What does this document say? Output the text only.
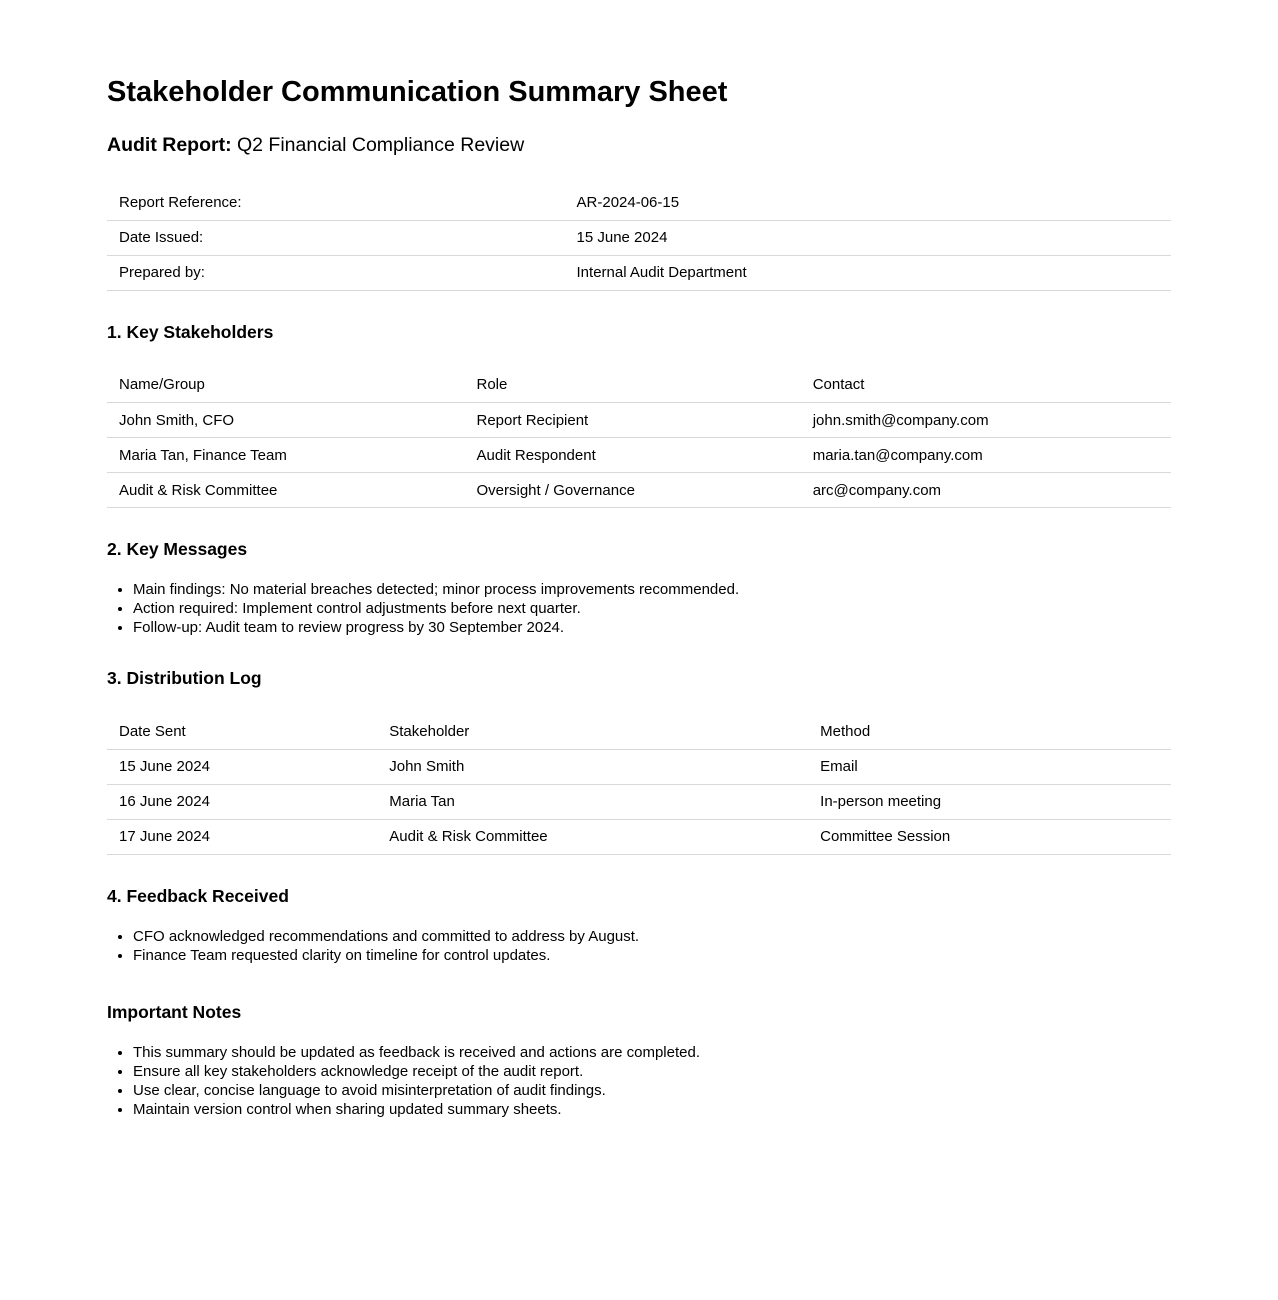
Stakeholder Communication Summary Sheet

Audit Report: Q2 Financial Compliance Review

Report Reference:	AR-2024-06-15
Date Issued:	15 June 2024
Prepared by:	Internal Audit Department
1. Key Stakeholders
Name/Group	Role	Contact
John Smith, CFO	Report Recipient	john.smith@company.com
Maria Tan, Finance Team	Audit Respondent	maria.tan@company.com
Audit & Risk Committee	Oversight / Governance	arc@company.com
2. Key Messages
• Main findings: No material breaches detected; minor process improvements recommended.
• Action required: Implement control adjustments before next quarter.
• Follow-up: Audit team to review progress by 30 September 2024.
3. Distribution Log
Date Sent	Stakeholder	Method
15 June 2024	John Smith	Email
16 June 2024	Maria Tan	In-person meeting
17 June 2024	Audit & Risk Committee	Committee Session
4. Feedback Received
• CFO acknowledged recommendations and committed to address by August.
• Finance Team requested clarity on timeline for control updates.
Important Notes
• This summary should be updated as feedback is received and actions are completed.
• Ensure all key stakeholders acknowledge receipt of the audit report.
• Use clear, concise language to avoid misinterpretation of audit findings.
• Maintain version control when sharing updated summary sheets.
